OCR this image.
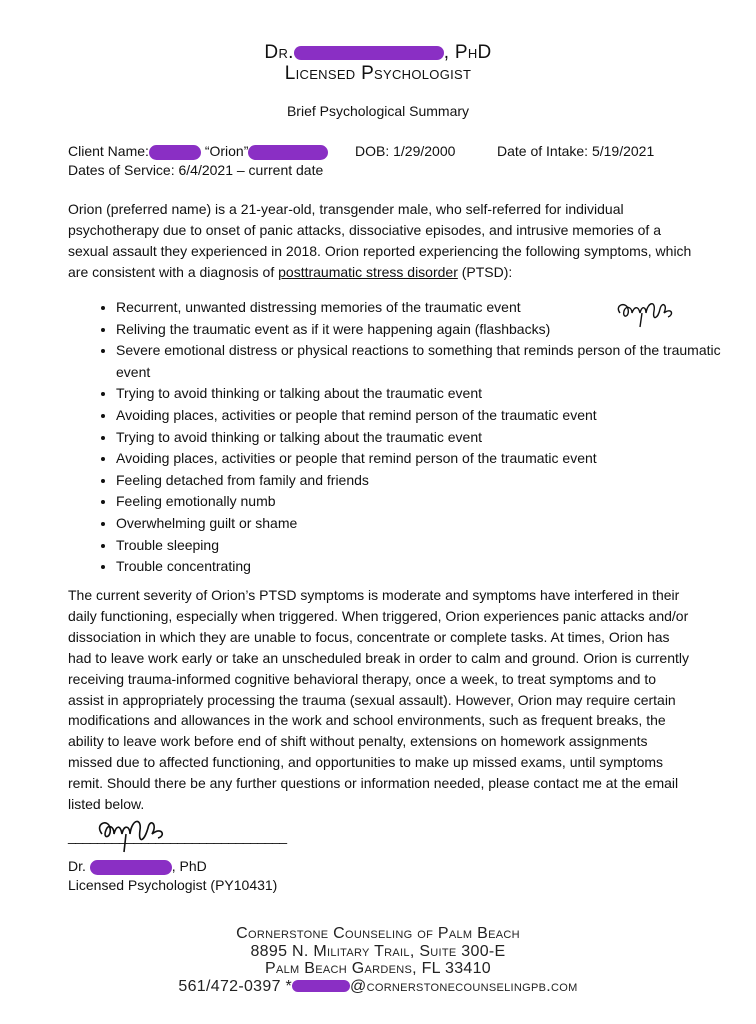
Dr.	, PhD
Licensed Psychologist
Brief Psychological Summary
Client Name:	“Orion”	DOB: 1/29/2000	Date of Intake: 5/19/2021
Dates of Service: 6/4/2021 – current date
Orion (preferred name) is a 21-year-old, transgender male, who self-referred for individual psychotherapy due to onset of panic attacks, dissociative episodes, and intrusive memories of a sexual assault they experienced in 2018. Orion reported experiencing the following symptoms, which are consistent with a diagnosis of posttraumatic stress disorder (PTSD):
• Recurrent, unwanted distressing memories of the traumatic event
• Reliving the traumatic event as if it were happening again (flashbacks)
• Severe emotional distress or physical reactions to something that reminds person of the traumatic event
• Trying to avoid thinking or talking about the traumatic event
• Avoiding places, activities or people that remind person of the traumatic event
• Trying to avoid thinking or talking about the traumatic event
• Avoiding places, activities or people that remind person of the traumatic event
• Feeling detached from family and friends
• Feeling emotionally numb
• Overwhelming guilt or shame
• Trouble sleeping
• Trouble concentrating
The current severity of Orion’s PTSD symptoms is moderate and symptoms have interfered in their daily functioning, especially when triggered. When triggered, Orion experiences panic attacks and/or dissociation in which they are unable to focus, concentrate or complete tasks. At times, Orion has had to leave work early or take an unscheduled break in order to calm and ground. Orion is currently receiving trauma-informed cognitive behavioral therapy, once a week, to treat symptoms and to assist in appropriately processing the trauma (sexual assault). However, Orion may require certain modifications and allowances in the work and school environments, such as frequent breaks, the ability to leave work before end of shift without penalty, extensions on homework assignments missed due to affected functioning, and opportunities to make up missed exams, until symptoms remit. Should there be any further questions or information needed, please contact me at the email listed below.
______________________________
Dr.	, PhD
Licensed Psychologist (PY10431)
Cornerstone Counseling of Palm Beach
8895 N. Military Trail, Suite 300-E
Palm Beach Gardens, FL 33410
561/472-0397 *	@cornerstonecounselingpb.com
